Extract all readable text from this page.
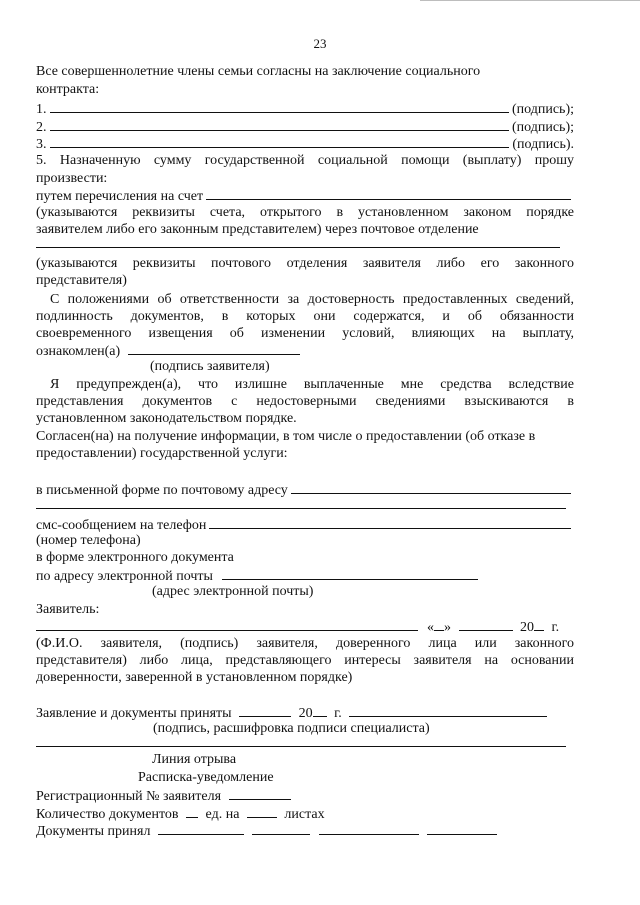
23
Все совершеннолетние члены семьи согласны на заключение социального
контракта:
1.	(подпись);
2.	(подпись);
3.	(подпись).
5. Назначенную сумму государственной социальной помощи (выплату) прошу
произвести:
путем перечисления на счет
(указываются реквизиты счета, открытого в установленном законом порядке
заявителем либо его законным представителем) через почтовое отделение
(указываются реквизиты почтового отделения заявителя либо его законного
представителя)
С положениями об ответственности за достоверность предоставленных сведений,
подлинность документов, в которых они содержатся, и об обязанности
своевременного извещения об изменении условий, влияющих на выплату,
ознакомлен(а)
(подпись заявителя)
Я предупрежден(а), что излишне выплаченные мне средства вследствие
представления документов с недостоверными сведениями взыскиваются в
установленном законодательством порядке.
Согласен(на) на получение информации, в том числе о предоставлении (об отказе в
предоставлении) государственной услуги:
в письменной форме по почтовому адресу
смс-сообщением на телефон
(номер телефона)
в форме электронного документа
по адресу электронной почты
(адрес электронной почты)
Заявитель:
« »	20 г.
(Ф.И.О. заявителя, (подпись) заявителя, доверенного лица или законного
представителя) либо лица, представляющего интересы заявителя на основании
доверенности, заверенной в установленном порядке)
Заявление и документы приняты	20 г.
(подпись, расшифровка подписи специалиста)
Линия отрыва
Расписка-уведомление
Регистрационный № заявителя
Количество документов ед. на	листах
Документы принял
